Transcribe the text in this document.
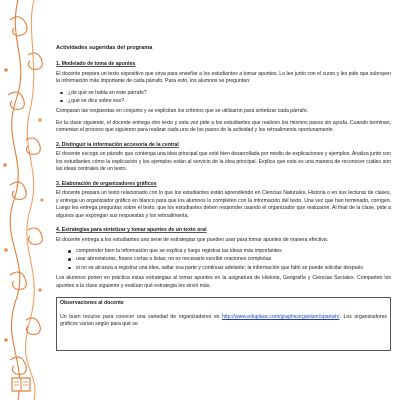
Actividades sugeridas del programa
1. Modelado de toma de apuntes

El docente prepara un texto expositivo que sirva para enseñar a los estudiantes a tomar apuntes. Lo lee junto con el curso y les pide que subrayen la información más importante de cada párrafo. Para esto, los alumnos se preguntan:

¿de qué se habla en este párrafo?
¿qué se dice sobre eso?

Comparan las respuestas en conjunto y se explicitan los criterios que se utilizaron para sintetizar cada párrafo.

En la clase siguiente, el docente entrega otro texto y esta vez pide a los estudiantes que realicen los mismos pasos sin ayuda. Cuando terminan, comentan el proceso que siguieron para realizar cada uno de los pasos de la actividad y los retroalimenta oportunamente.

2. Distinguir la información accesoria de la central

El docente escoge un párrafo que contenga una idea principal que esté bien desarrollada por medio de explicaciones y ejemplos. Analiza junto con los estudiantes cómo la explicación y los ejemplos están al servicio de la idea principal. Explica que esta es una manera de reconocer cuáles son las ideas centrales de un texto.

3. Elaboración de organizadores gráficos

El docente prepara un texto relacionado con lo que los estudiantes están aprendiendo en Ciencias Naturales, Historia o en sus lecturas de clases, y entrega un organizador gráfico en blanco para que los alumnos lo completen con la información del texto. Una vez que han terminado, corrigen. Luego les entrega preguntas sobre el texto, que los estudiantes deben responder usando el organizador que realizaron. Al final de la clase, pide a algunos que expongan sus respuestas y los retroalimenta.

4. Estrategias para sintetizar y tomar apuntes de un texto oral

El docente entrega a los estudiantes una serie de estrategias que pueden usar para tomar apuntes de manera efectiva:

comprender bien la información que se explica y luego registrar las ideas más importantes
usar abreviaturas, frases cortas o listas; no es necesario escribir oraciones completas
si no se alcanza a registrar una idea, saltar esa parte y continuar adelante; la información que faltó se puede solicitar después

Los alumnos ponen en práctica estas estrategias al tomar apuntes en la asignatura de Historia, Geografía y Ciencias Sociales. Comparten los apuntes a la clase siguiente y evalúan qué estrategia les sirvió más.

Observaciones al docente
Un buen recurso para conocer una variedad de organizadores es http://www.eduplace.com/graphicorganizer/spanish/. Los organizadores gráficos varían según para qué se
